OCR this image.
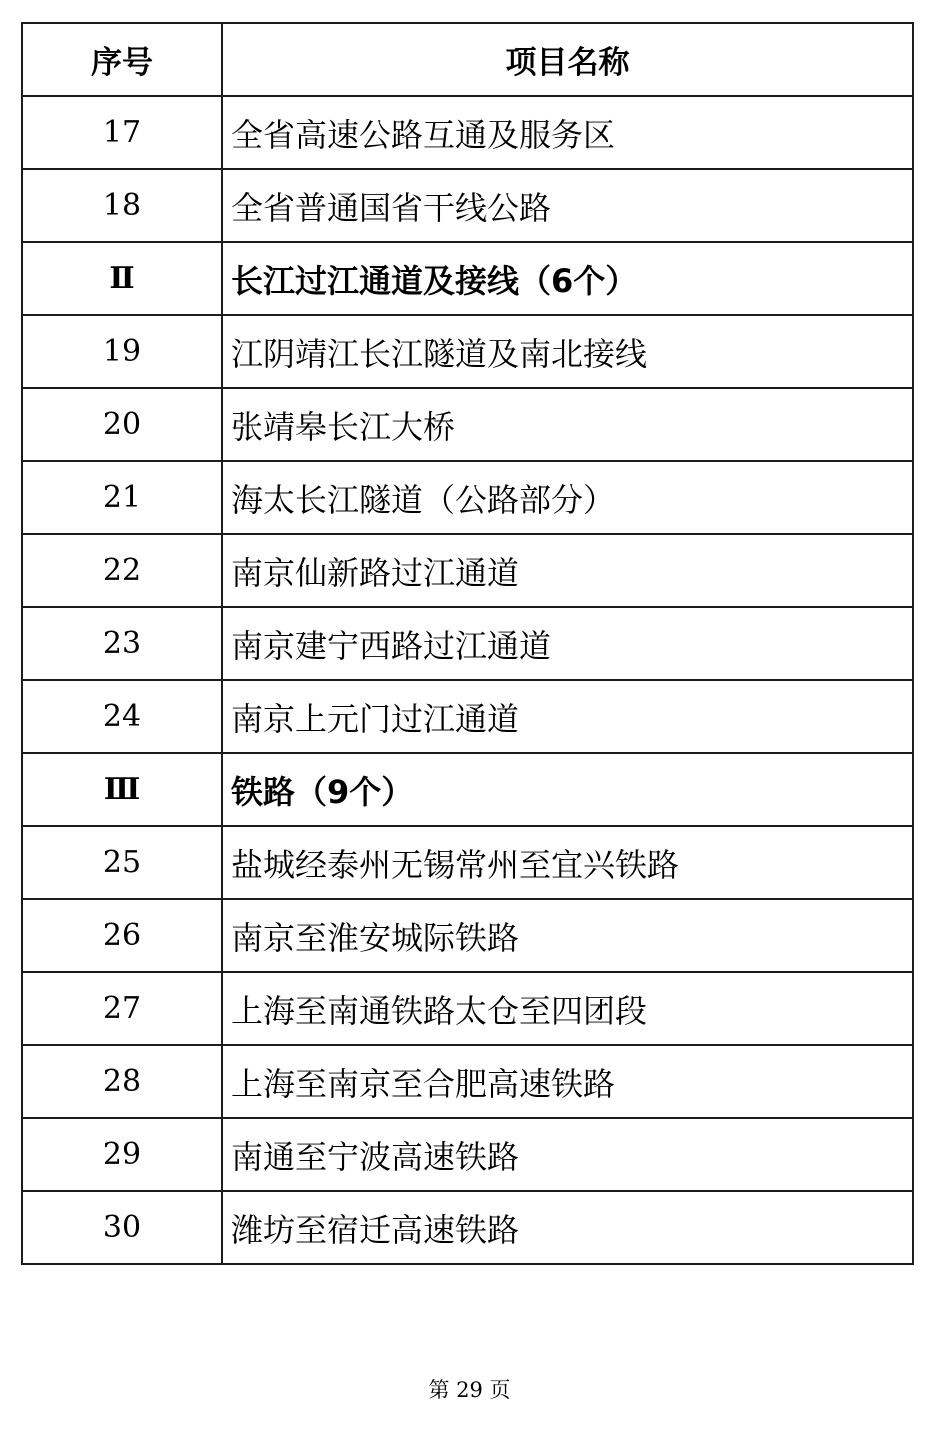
序号	项目名称
17	全省高速公路互通及服务区
18	全省普通国省干线公路
Ⅱ	长江过江通道及接线（6个）
19	江阴靖江长江隧道及南北接线
20	张靖皋长江大桥
21	海太长江隧道（公路部分）
22	南京仙新路过江通道
23	南京建宁西路过江通道
24	南京上元门过江通道
Ⅲ	铁路（9个）
25	盐城经泰州无锡常州至宜兴铁路
26	南京至淮安城际铁路
27	上海至南通铁路太仓至四团段
28	上海至南京至合肥高速铁路
29	南通至宁波高速铁路
30	潍坊至宿迁高速铁路
第 29 页
